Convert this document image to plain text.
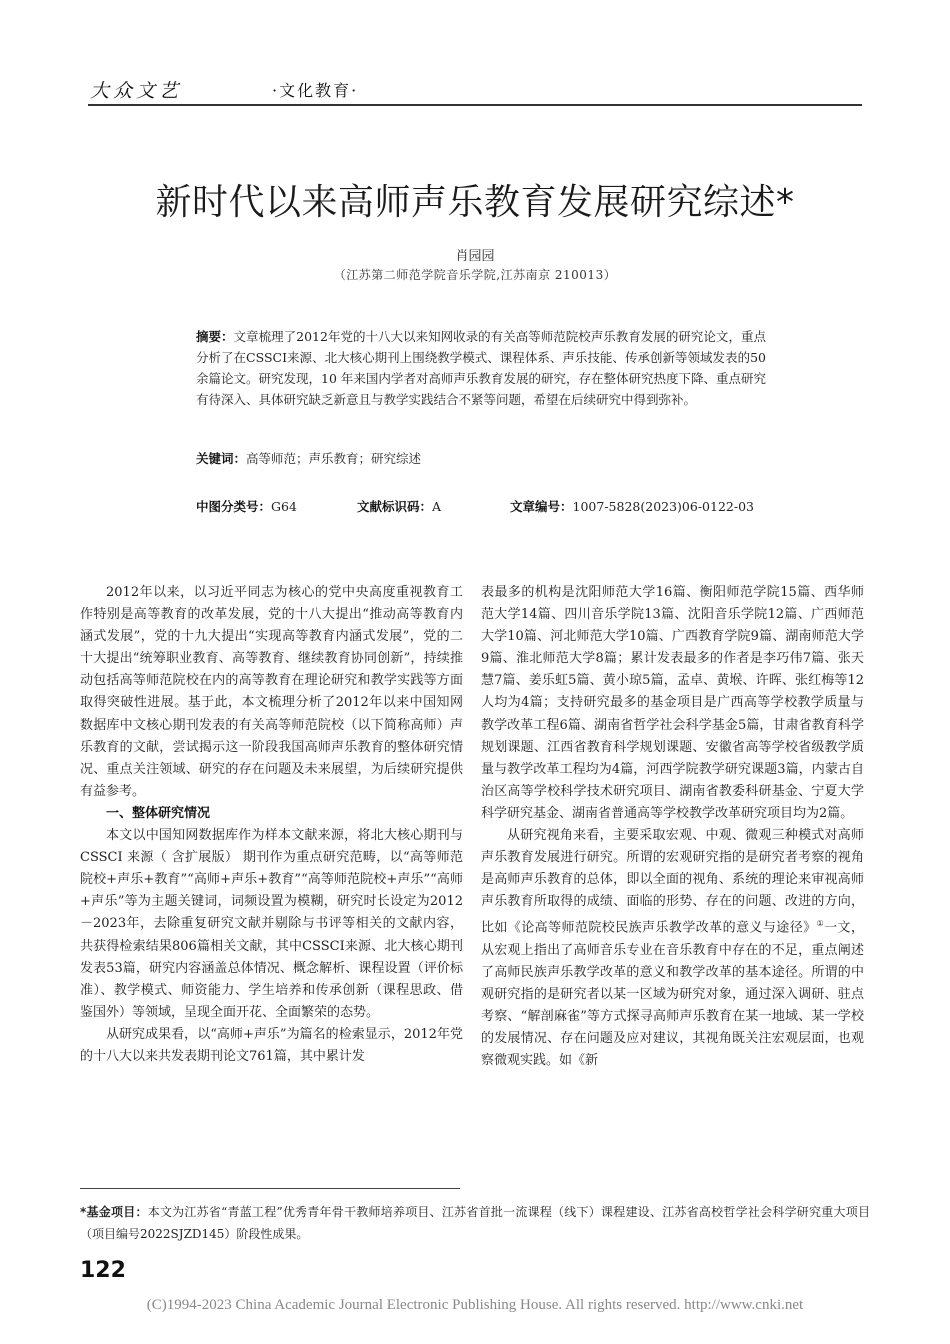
大众文艺	·文化教育·
新时代以来高师声乐教育发展研究综述*
肖园园
（江苏第二师范学院音乐学院,江苏南京 210013）
摘要：文章梳理了2012年党的十八大以来知网收录的有关高等师范院校声乐教育发展的研究论文，重点分析了在CSSCI来源、北大核心期刊上围绕教学模式、课程体系、声乐技能、传承创新等领域发表的50余篇论文。研究发现，10 年来国内学者对高师声乐教育发展的研究，存在整体研究热度下降、重点研究有待深入、具体研究缺乏新意且与教学实践结合不紧等问题，希望在后续研究中得到弥补。
关键词：高等师范；声乐教育；研究综述
中图分类号：G64	文献标识码：A	文章编号：1007-5828(2023)06-0122-03

2012年以来，以习近平同志为核心的党中央高度重视教育工作特别是高等教育的改革发展，党的十八大提出“推动高等教育内涵式发展”，党的十九大提出“实现高等教育内涵式发展”，党的二十大提出“统筹职业教育、高等教育、继续教育协同创新”，持续推动包括高等师范院校在内的高等教育在理论研究和教学实践等方面取得突破性进展。基于此，本文梳理分析了2012年以来中国知网数据库中文核心期刊发表的有关高等师范院校（以下简称高师）声乐教育的文献，尝试揭示这一阶段我国高师声乐教育的整体研究情况、重点关注领域、研究的存在问题及未来展望，为后续研究提供有益参考。

一、整体研究情况

本文以中国知网数据库作为样本文献来源，将北大核心期刊与CSSCI 来源（ 含扩展版） 期刊作为重点研究范畴，以“高等师范院校+声乐+教育”“高师+声乐+教育”“高等师范院校+声乐”“高师+声乐”等为主题关键词，词频设置为模糊，研究时长设定为2012－2023年，去除重复研究文献并剔除与书评等相关的文献内容，共获得检索结果806篇相关文献，其中CSSCI来源、北大核心期刊发表53篇，研究内容涵盖总体情况、概念解析、课程设置（评价标准）、教学模式、师资能力、学生培养和传承创新（课程思政、借鉴国外）等领域，呈现全面开花、全面繁荣的态势。

从研究成果看，以“高师+声乐”为篇名的检索显示，2012年党的十八大以来共发表期刊论文761篇，其中累计发

表最多的机构是沈阳师范大学16篇、衡阳师范学院15篇、西华师范大学14篇、四川音乐学院13篇、沈阳音乐学院12篇、广西师范大学10篇、河北师范大学10篇、广西教育学院9篇、湖南师范大学9篇、淮北师范大学8篇；累计发表最多的作者是李巧伟7篇、张天慧7篇、姜乐虹5篇、黄小琼5篇，孟卓、黄堠、许晖、张红梅等12人均为4篇；支持研究最多的基金项目是广西高等学校教学质量与教学改革工程6篇、湖南省哲学社会科学基金5篇，甘肃省教育科学规划课题、江西省教育科学规划课题、安徽省高等学校省级教学质量与教学改革工程均为4篇，河西学院教学研究课题3篇，内蒙古自治区高等学校科学技术研究项目、湖南省教委科研基金、宁夏大学科学研究基金、湖南省普通高等学校教学改革研究项目均为2篇。

从研究视角来看，主要采取宏观、中观、微观三种模式对高师声乐教育发展进行研究。所谓的宏观研究指的是研究者考察的视角是高师声乐教育的总体，即以全面的视角、系统的理论来审视高师声乐教育所取得的成绩、面临的形势、存在的问题、改进的方向，比如《论高等师范院校民族声乐教学改革的意义与途径》①一文，从宏观上指出了高师音乐专业在音乐教育中存在的不足，重点阐述了高师民族声乐教学改革的意义和教学改革的基本途径。所谓的中观研究指的是研究者以某一区域为研究对象，通过深入调研、驻点考察、“解剖麻雀”等方式探寻高师声乐教育在某一地域、某一学校的发展情况、存在问题及应对建议，其视角既关注宏观层面，也观察微观实践。如《新

*基金项目：本文为江苏省“青蓝工程”优秀青年骨干教师培养项目、江苏省首批一流课程（线下）课程建设、江苏省高校哲学社会科学研究重大项目（项目编号2022SJZD145）阶段性成果。
122
(C)1994-2023 China Academic Journal Electronic Publishing House. All rights reserved. http://www.cnki.net
